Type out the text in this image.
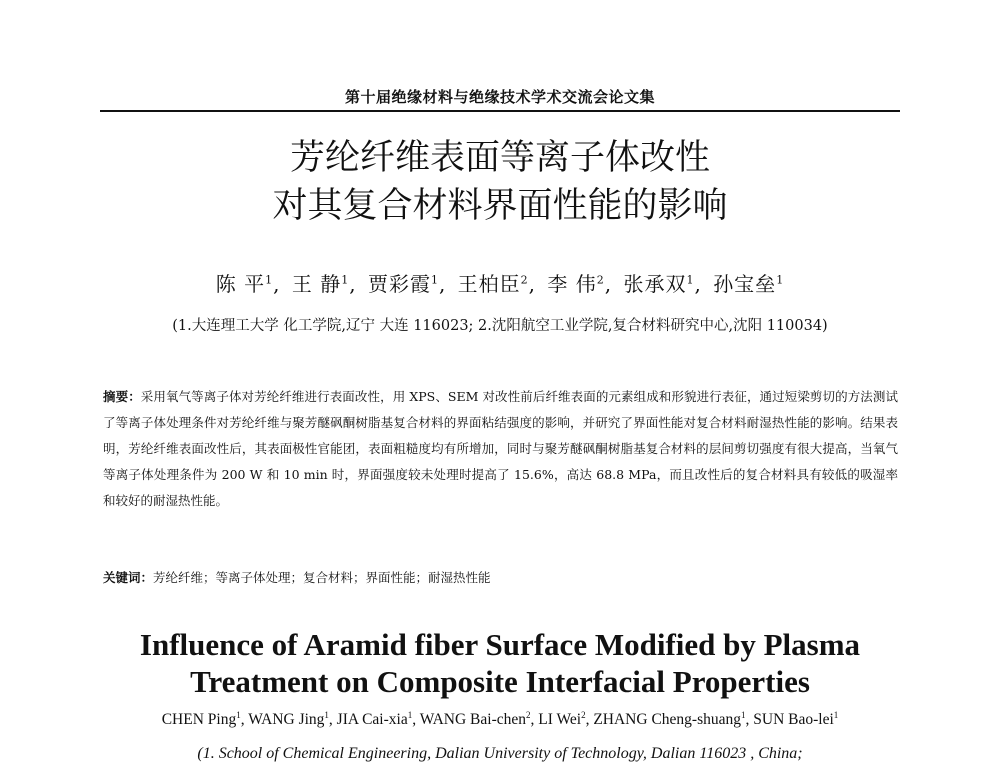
第十届绝缘材料与绝缘技术学术交流会论文集
芳纶纤维表面等离子体改性
对其复合材料界面性能的影响
陈 平$^1$, 王 静$^1$, 贾彩霞$^1$, 王柏臣$^2$, 李 伟$^2$, 张承双$^1$, 孙宝垒$^1$
(1.大连理工大学 化工学院,辽宁 大连 116023; 2.沈阳航空工业学院,复合材料研究中心,沈阳 110034)
摘要：采用氧气等离子体对芳纶纤维进行表面改性，用 XPS、SEM 对改性前后纤维表面的元素组成和形貌进行表征，通过短梁剪切的方法测试了等离子体处理条件对芳纶纤维与聚芳醚砜酮树脂基复合材料的界面粘结强度的影响，并研究了界面性能对复合材料耐湿热性能的影响。结果表明，芳纶纤维表面改性后，其表面极性官能团，表面粗糙度均有所增加，同时与聚芳醚砜酮树脂基复合材料的层间剪切强度有很大提高，当氧气等离子体处理条件为 200 W 和 10 min 时，界面强度较未处理时提高了 15.6%，高达 68.8 MPa，而且改性后的复合材料具有较低的吸湿率和较好的耐湿热性能。
关键词：芳纶纤维；等离子体处理；复合材料；界面性能；耐湿热性能
Influence of Aramid fiber Surface Modified by Plasma
Treatment on Composite Interfacial Properties
CHEN Ping$^1$, WANG Jing$^1$, JIA Cai-xia$^1$, WANG Bai-chen$^2$, LI Wei$^2$, ZHANG Cheng-shuang$^1$, SUN Bao-lei$^1$
(1. School of Chemical Engineering, Dalian University of Technology, Dalian 116023 , China;
